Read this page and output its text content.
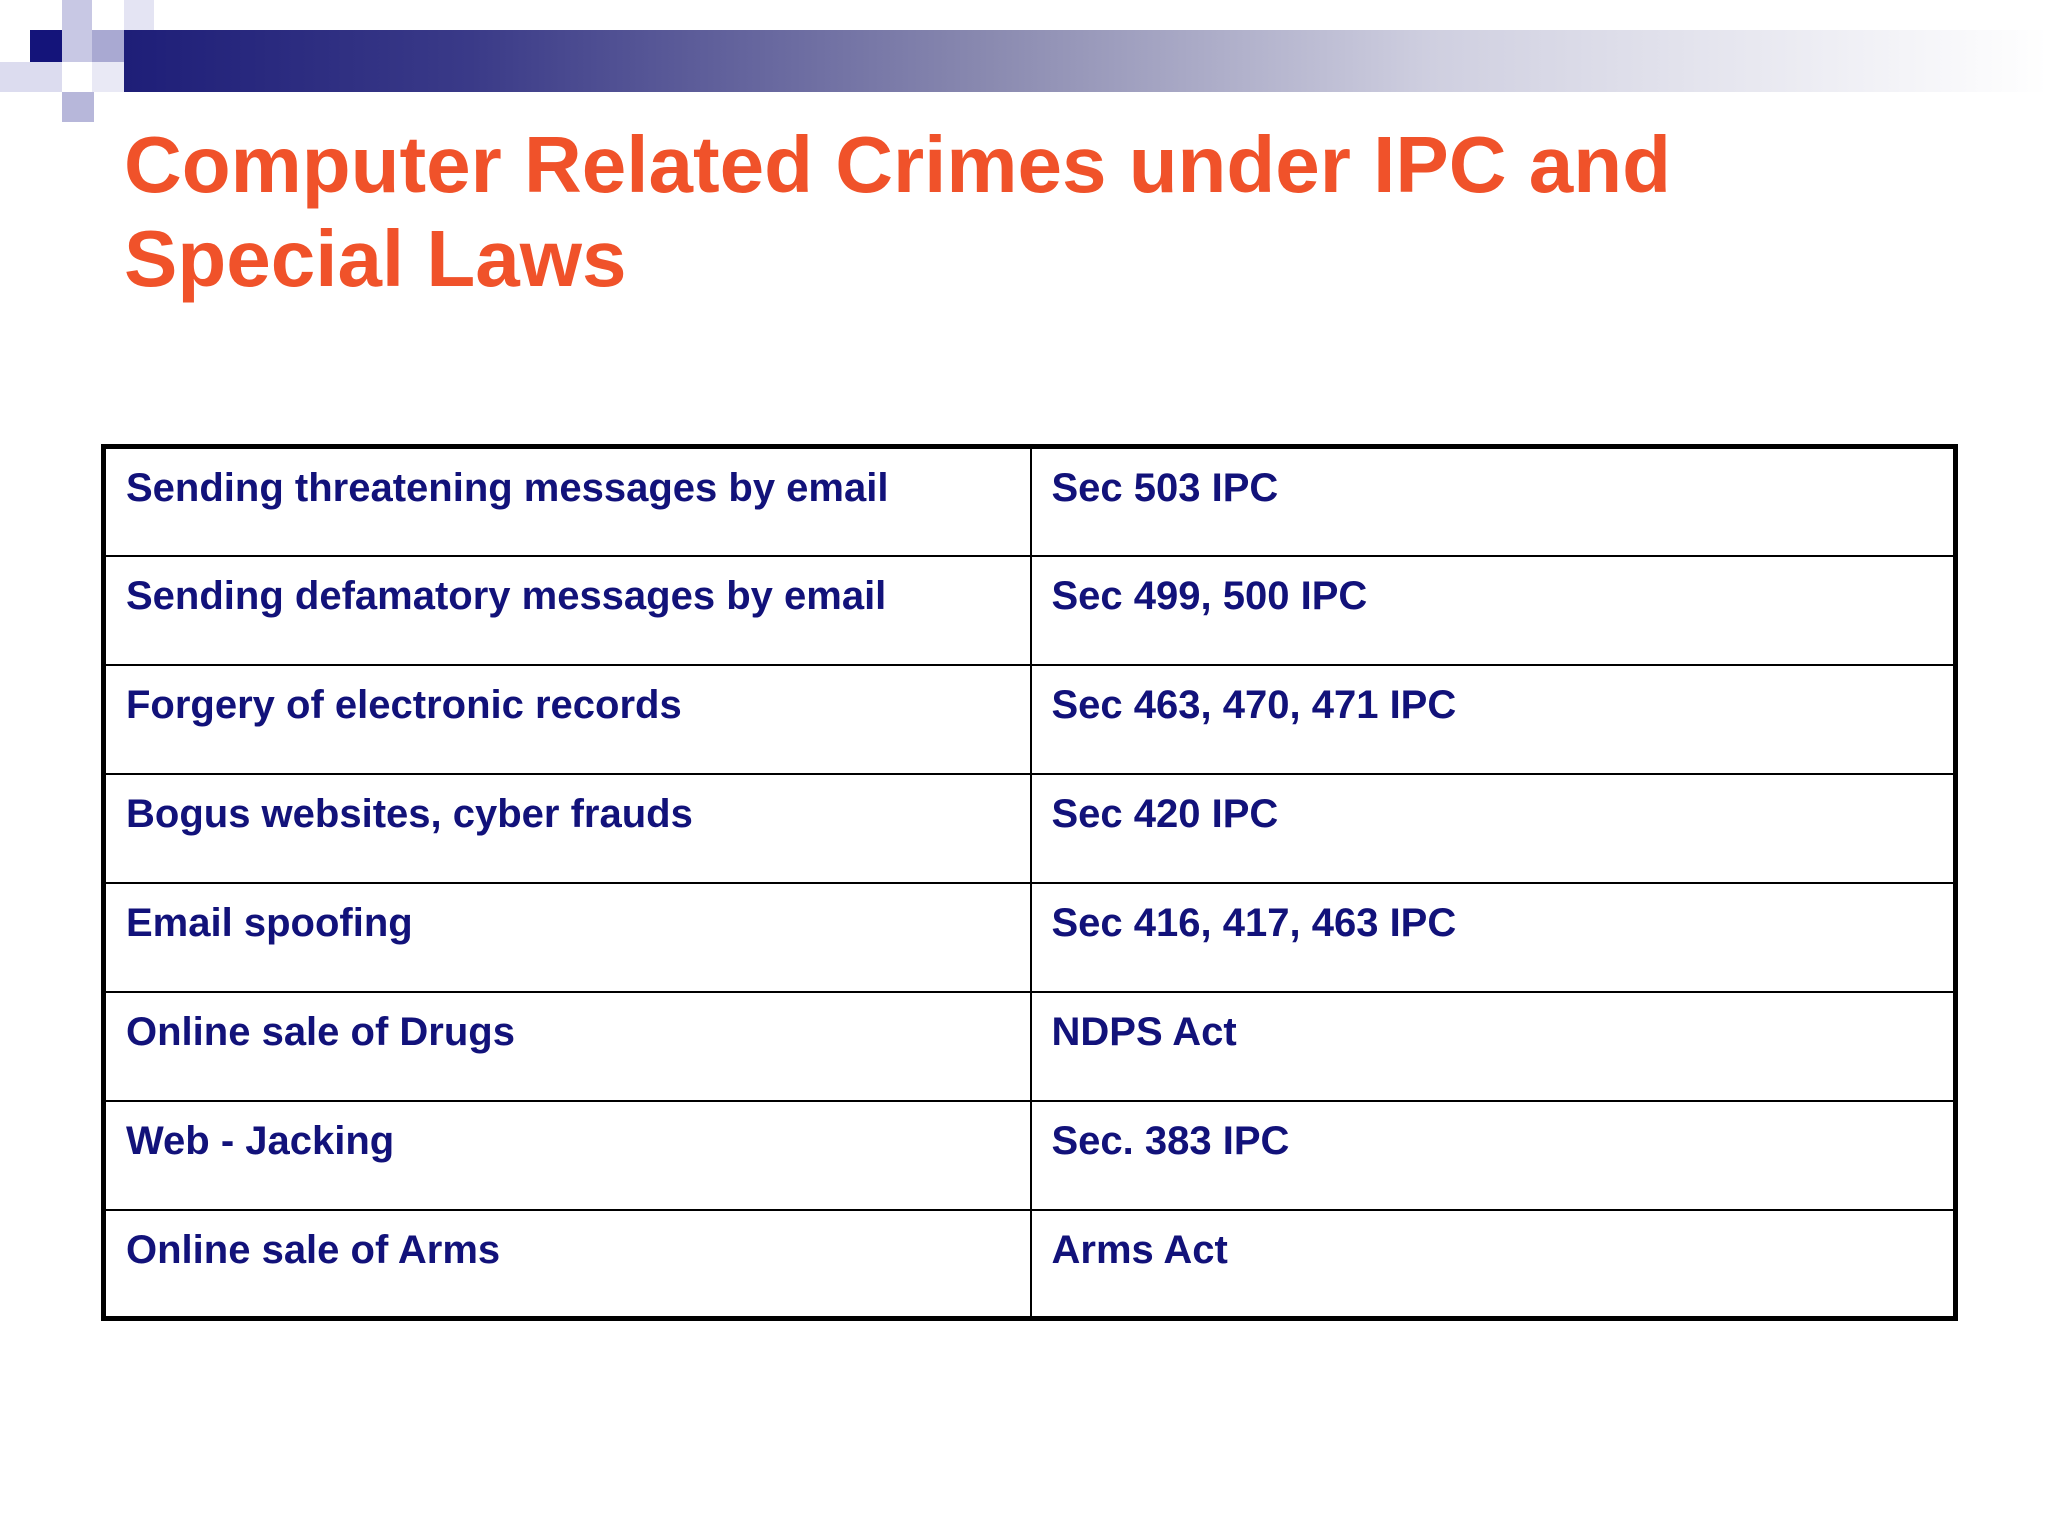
Computer Related Crimes under IPC and Special Laws
Sending threatening messages by email	Sec 503 IPC
Sending defamatory messages by email	Sec 499, 500 IPC
Forgery of electronic records	Sec 463, 470, 471 IPC
Bogus websites, cyber frauds	Sec 420 IPC
Email spoofing	Sec 416, 417, 463 IPC
Online sale of Drugs	NDPS Act
Web - Jacking	Sec. 383 IPC
Online sale of Arms	Arms Act
